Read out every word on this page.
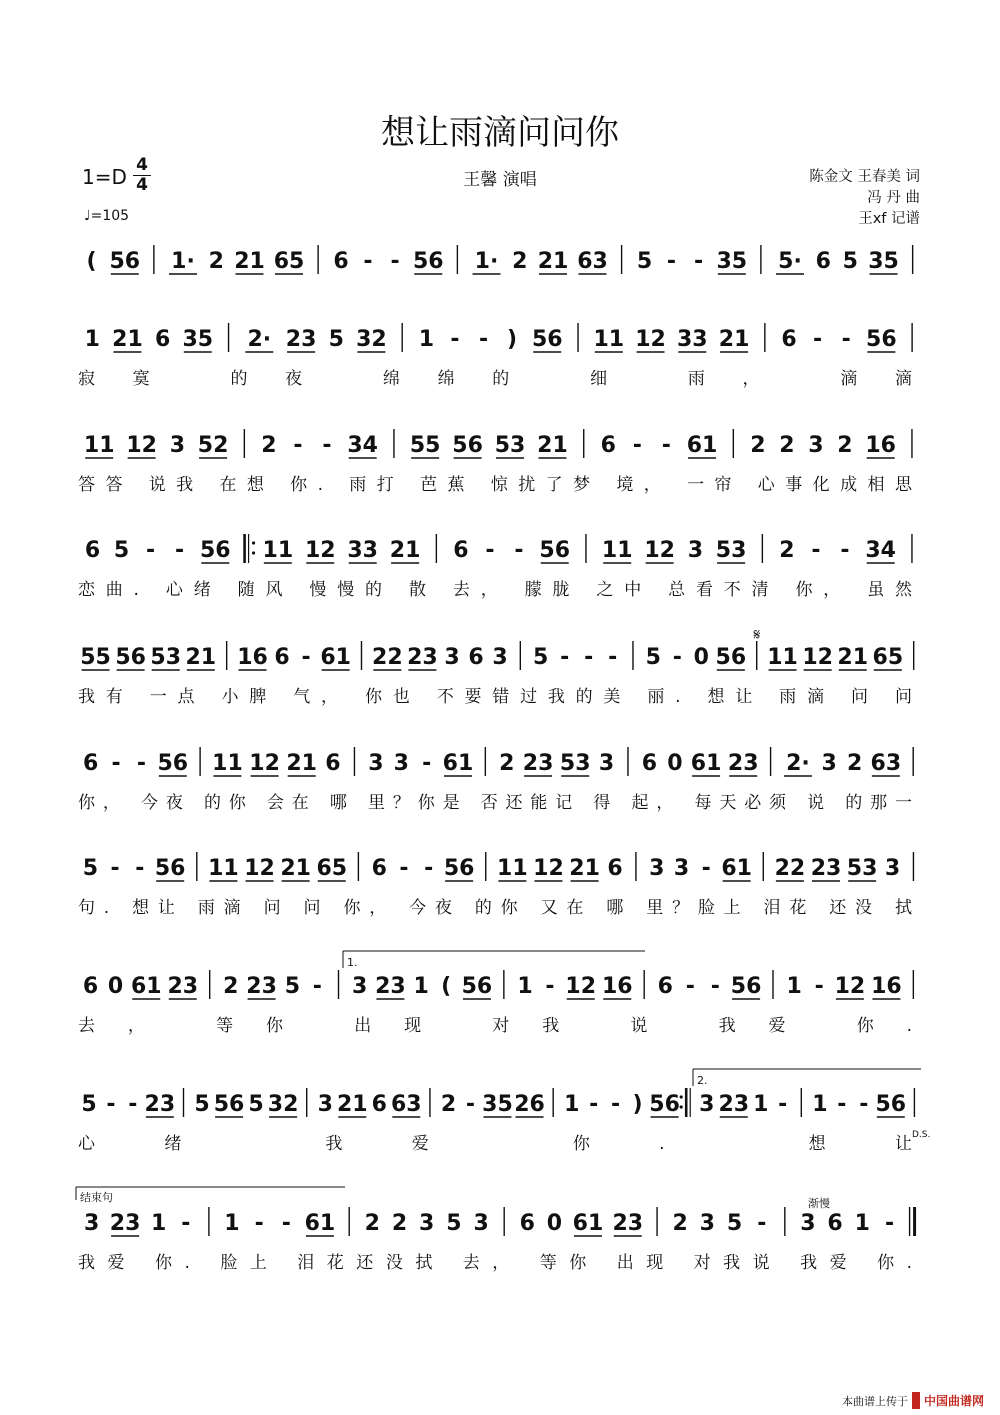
想让雨滴问问你
王馨 演唱
1=D 4
4
♩=105
陈金文 王春美 词
冯 丹 曲
王xf 记谱
( 56 1· 2 21 65 6 - - 56 1· 2 21 63 5 - - 35 5· 6 5 35
1 21 6 35 2· 23 5 32 1 - - ) 56 11 12 33 21 6 - - 56
寂寞 的夜 绵绵的 细 雨， 滴滴
11 12 3 52 2 - - 34 55 56 53 21 6 - - 61 2 2 3 2 16
答答 说我 在想 你. 雨打 芭蕉 惊扰了梦 境， 一帘 心事化成相思
6 5 - - 56 11 12 33 21 6 - - 56 11 12 3 53 2 - - 34
恋曲. 心绪 随风 慢慢的 散 去， 朦胧 之中 总看不清 你， 虽然
55 56 53 21 16 6 - 61 22 23 3 6 3 5 - - - 5 - 0 56 11 12 21 65
我有 一点 小脾 气， 你也 不要错过我的美 丽. 想让 雨滴 问 问
6 - - 56 11 12 21 6 3 3 - 61 2 23 53 3 6 0 61 23 2· 3 2 63
你， 今夜 的你 会在 哪 里？你是 否还能记 得 起， 每天必须 说 的那一
5 - - 56 11 12 21 65 6 - - 56 11 12 21 6 3 3 - 61 22 23 53 3
句. 想让 雨滴 问 问 你， 今夜 的你 又在 哪 里？脸上 泪花 还没 拭
6 0 61 23 2 23 5 - 3 23 1 ( 56 1 - 12 16 6 - - 56 1 - 12 16
去， 等你 出现 对我 说 我爱 你.
5 - - 23 5 56 5 32 3 21 6 63 2 - 35 26 1 - - ) 56 3 23 1 - 1 - - 56
心绪 我爱 你. 想让
3 23 1 - 1 - - 61 2 2 3 5 3 6 0 61 23 2 3 5 - 3 6 1 -
我爱 你. 脸上 泪花还没拭 去， 等你 出现 对我说 我爱 你.
1.
2.
结束句	渐慢
D.S.
𝄋
本曲谱上传于	中国曲谱网
